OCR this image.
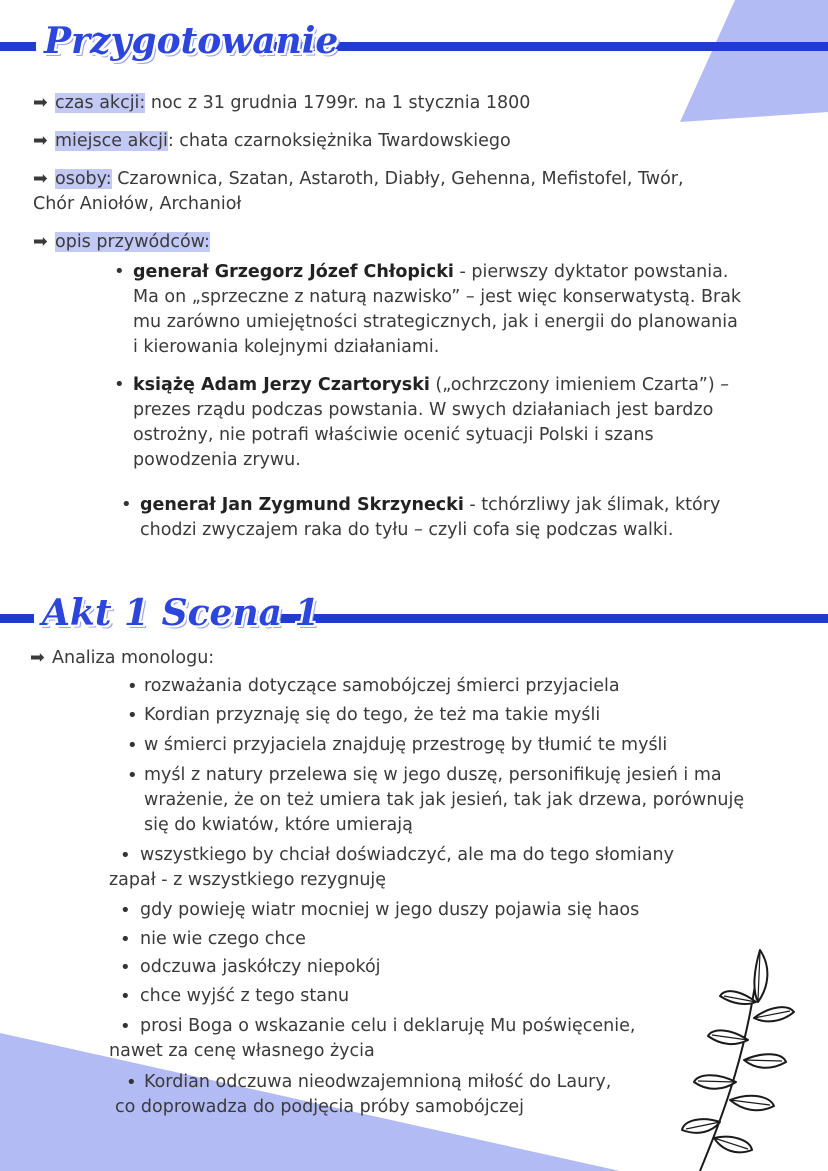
Przygotowanie
➡ czas akcji: noc z 31 grudnia 1799r. na 1 stycznia 1800
➡ miejsce akcji: chata czarnoksiężnika Twardowskiego
➡ osoby: Czarownica, Szatan, Astaroth, Diabły, Gehenna, Mefistofel, Twór,
Chór Aniołów, Archanioł
➡ opis przywódców:
• generał Grzegorz Józef Chłopicki - pierwszy dyktator powstania.
Ma on „sprzeczne z naturą nazwisko” – jest więc konserwatystą. Brak
mu zarówno umiejętności strategicznych, jak i energii do planowania
i kierowania kolejnymi działaniami.
• książę Adam Jerzy Czartoryski („ochrzczony imieniem Czarta”) –
prezes rządu podczas powstania. W swych działaniach jest bardzo
ostrożny, nie potrafi właściwie ocenić sytuacji Polski i szans
powodzenia zrywu.
• generał Jan Zygmund Skrzynecki - tchórzliwy jak ślimak, który
chodzi zwyczajem raka do tyłu – czyli cofa się podczas walki.
Akt 1 Scena 1
➡ Analiza monologu:
• rozważania dotyczące samobójczej śmierci przyjaciela
• Kordian przyznaję się do tego, że też ma takie myśli
• w śmierci przyjaciela znajduję przestrogę by tłumić te myśli
• myśl z natury przelewa się w jego duszę, personifikuję jesień i ma
wrażenie, że on też umiera tak jak jesień, tak jak drzewa, porównuję
się do kwiatów, które umierają
• wszystkiego by chciał doświadczyć, ale ma do tego słomiany
zapał - z wszystkiego rezygnuję
• gdy powieję wiatr mocniej w jego duszy pojawia się haos
• nie wie czego chce
• odczuwa jaskółczy niepokój
• chce wyjść z tego stanu
• prosi Boga o wskazanie celu i deklaruję Mu poświęcenie,
nawet za cenę własnego życia
• Kordian odczuwa nieodwzajemnioną miłość do Laury,
co doprowadza do podjęcia próby samobójczej
